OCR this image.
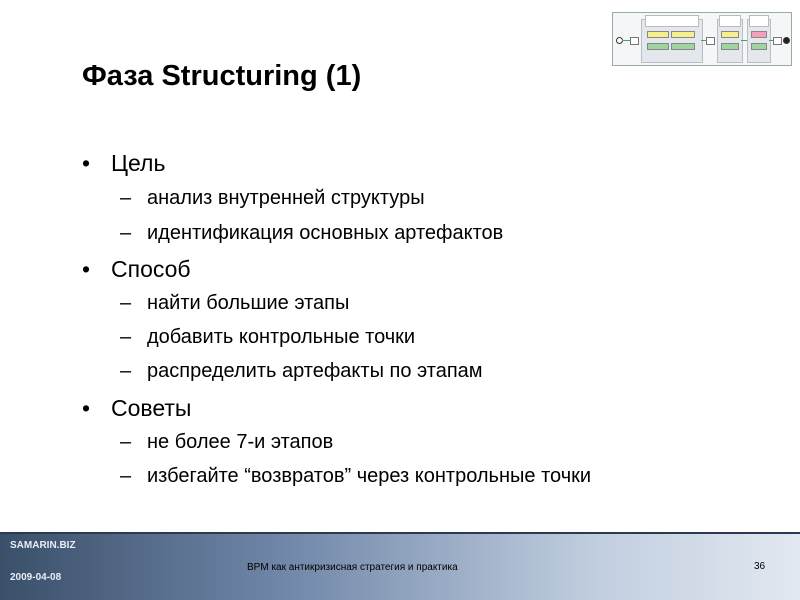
Фаза Structuring (1)
• Цель
– анализ внутренней структуры
– идентификация основных артефактов
• Способ
– найти большие этапы
– добавить контрольные точки
– распределить артефакты по этапам
• Советы
– не более 7-и этапов
– избегайте “возвратов” через контрольные точки
SAMARIN.BIZ
2009-04-08
BPM как антикризисная стратегия и практика	36
